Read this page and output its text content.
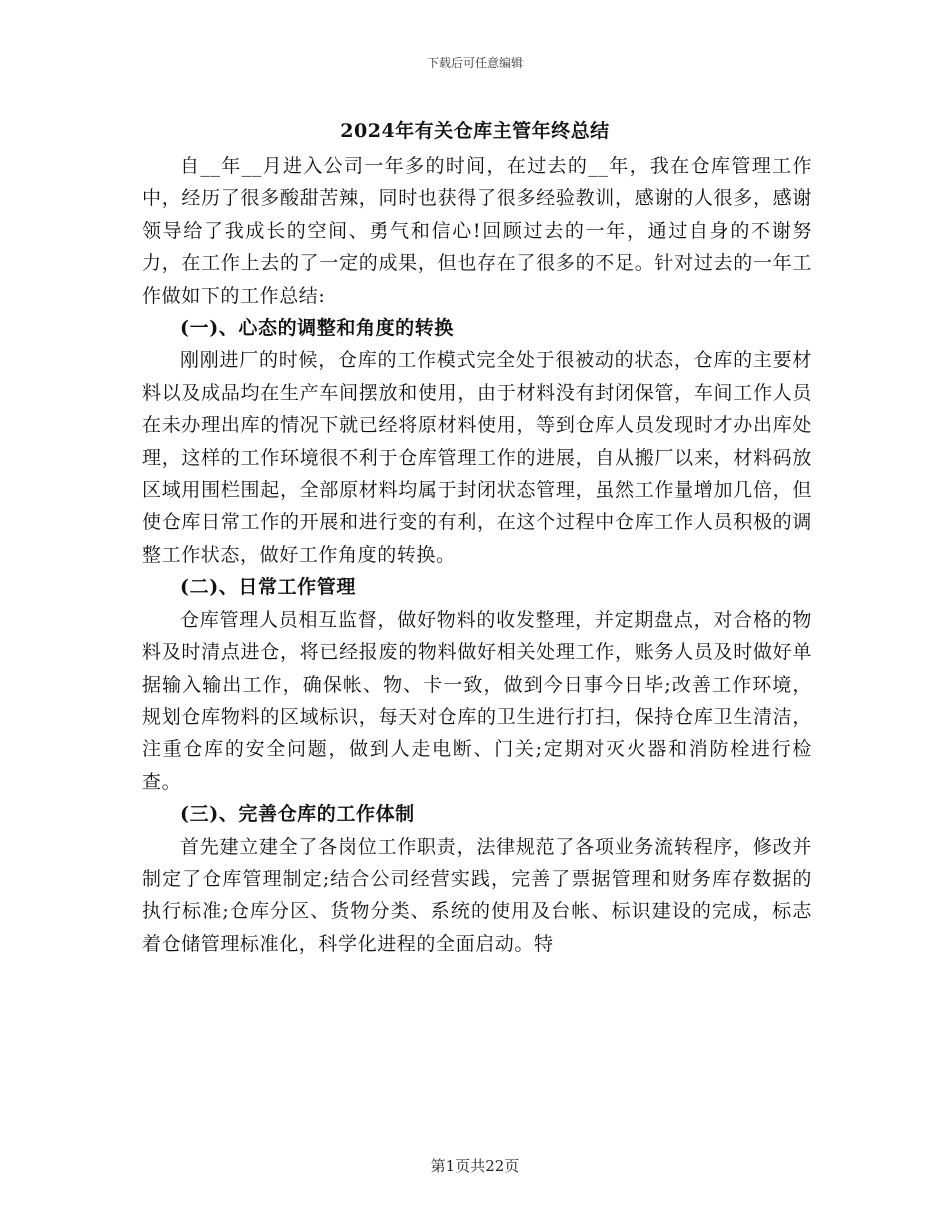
下载后可任意编辑
2024年有关仓库主管年终总结

自__年__月进入公司一年多的时间，在过去的__年，我在仓库管理工作中，经历了很多酸甜苦辣，同时也获得了很多经验教训，感谢的人很多，感谢领导给了我成长的空间、勇气和信心!回顾过去的一年，通过自身的不谢努力，在工作上去的了一定的成果，但也存在了很多的不足。针对过去的一年工作做如下的工作总结:

(一)、心态的调整和角度的转换

刚刚进厂的时候，仓库的工作模式完全处于很被动的状态，仓库的主要材料以及成品均在生产车间摆放和使用，由于材料没有封闭保管，车间工作人员在未办理出库的情况下就已经将原材料使用，等到仓库人员发现时才办出库处理，这样的工作环境很不利于仓库管理工作的进展，自从搬厂以来，材料码放区域用围栏围起，全部原材料均属于封闭状态管理，虽然工作量增加几倍，但使仓库日常工作的开展和进行变的有利，在这个过程中仓库工作人员积极的调整工作状态，做好工作角度的转换。

(二)、日常工作管理

仓库管理人员相互监督，做好物料的收发整理，并定期盘点，对合格的物料及时清点进仓，将已经报废的物料做好相关处理工作，账务人员及时做好单据输入输出工作，确保帐、物、卡一致，做到今日事今日毕;改善工作环境，规划仓库物料的区域标识，每天对仓库的卫生进行打扫，保持仓库卫生清洁，注重仓库的安全问题，做到人走电断、门关;定期对灭火器和消防栓进行检查。

(三)、完善仓库的工作体制

首先建立建全了各岗位工作职责，法律规范了各项业务流转程序，修改并制定了仓库管理制定;结合公司经营实践，完善了票据管理和财务库存数据的执行标准;仓库分区、货物分类、系统的使用及台帐、标识建设的完成，标志着仓储管理标准化，科学化进程的全面启动。特

第1页共22页
